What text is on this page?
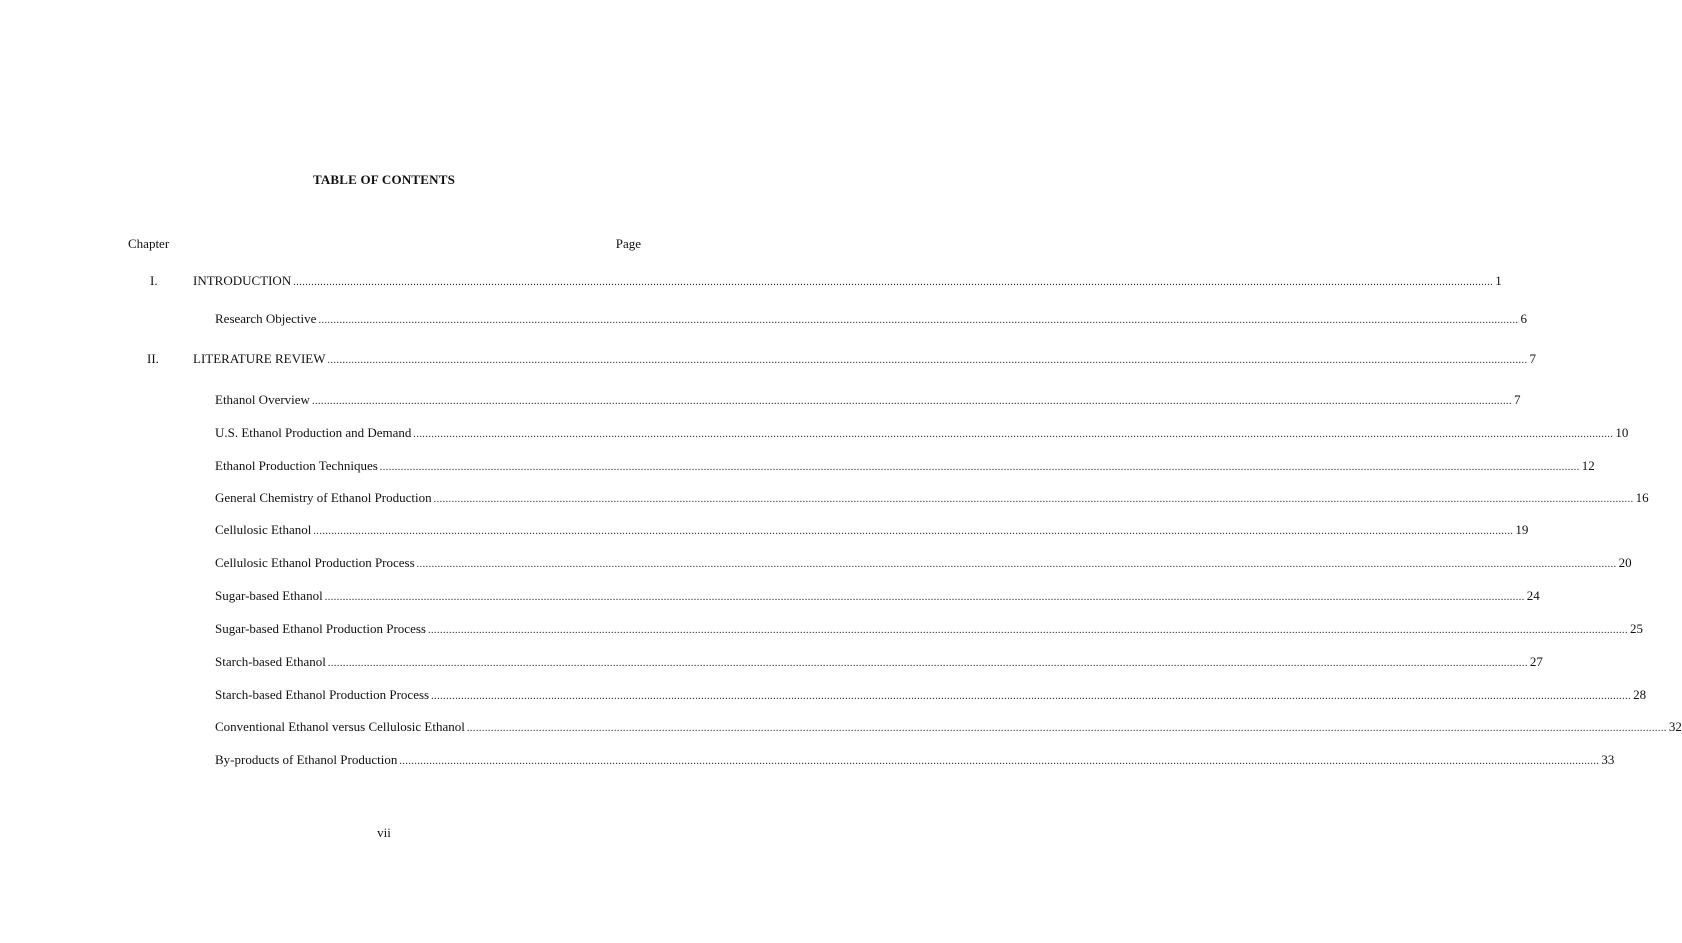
TABLE OF CONTENTS
Chapter	Page
I.	INTRODUCTION ................................................................................................................................................................................................................................................................................................................................................................................................................ 1
Research Objective ................................................................................................................................................................................................................................................................................................................................................................................................................ 6
II.	LITERATURE REVIEW ................................................................................................................................................................................................................................................................................................................................................................................................................ 7
Ethanol Overview ................................................................................................................................................................................................................................................................................................................................................................................................................ 7
U.S. Ethanol Production and Demand ................................................................................................................................................................................................................................................................................................................................................................................................................ 10
Ethanol Production Techniques ................................................................................................................................................................................................................................................................................................................................................................................................................ 12
General Chemistry of Ethanol Production ................................................................................................................................................................................................................................................................................................................................................................................................................ 16
Cellulosic Ethanol ................................................................................................................................................................................................................................................................................................................................................................................................................ 19
Cellulosic Ethanol Production Process ................................................................................................................................................................................................................................................................................................................................................................................................................ 20
Sugar-based Ethanol ................................................................................................................................................................................................................................................................................................................................................................................................................ 24
Sugar-based Ethanol Production Process ................................................................................................................................................................................................................................................................................................................................................................................................................ 25
Starch-based Ethanol ................................................................................................................................................................................................................................................................................................................................................................................................................ 27
Starch-based Ethanol Production Process ................................................................................................................................................................................................................................................................................................................................................................................................................ 28
Conventional Ethanol versus Cellulosic Ethanol ................................................................................................................................................................................................................................................................................................................................................................................................................ 32
By-products of Ethanol Production ................................................................................................................................................................................................................................................................................................................................................................................................................ 33
vii
